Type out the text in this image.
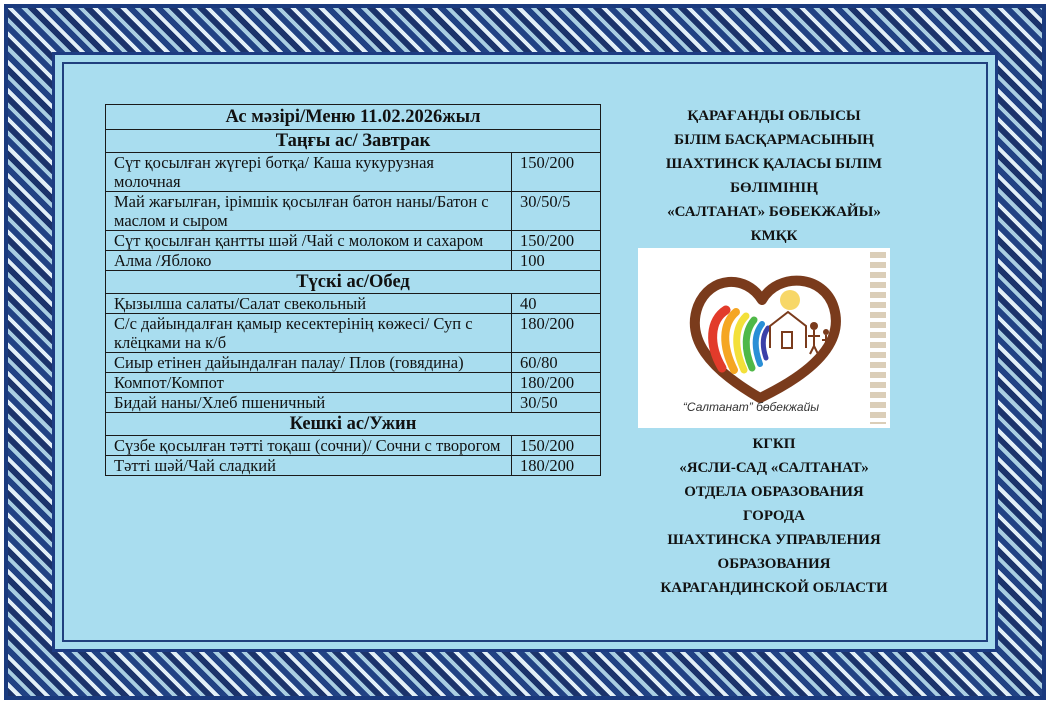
Ас мәзірі/Меню 11.02.2026жыл	
Таңғы ас/ Завтрак	
Сүт қосылған жүгері ботқа/ Каша кукурузная молочная	150/200
Май жағылған, ірімшік қосылған батон наны/Батон с маслом и сыром	30/50/5
Сүт қосылған қантты шәй /Чай с молоком и сахаром	150/200
Алма /Яблоко	100
Түскі ас/Обед	
Қызылша салаты/Салат свекольный	40
С/с дайындалған қамыр кесектерінің көжесі/ Суп с клёцками на к/б	180/200
Сиыр етінен дайындалған палау/ Плов (говядина)	60/80
Компот/Компот	180/200
Бидай наны/Хлеб пшеничный	30/50
Кешкі ас/Ужин	
Сүзбе қосылған тәтті тоқаш (сочни)/ Сочни с творогом	150/200
Тәтті шәй/Чай сладкий	180/200
ҚАРАҒАНДЫ ОБЛЫСЫ
БІЛІМ БАСҚАРМАСЫНЫҢ
ШАХТИНСК ҚАЛАСЫ БІЛІМ
БӨЛІМІНІҢ
«САЛТАНАТ» БӨБЕКЖАЙЫ»
КМҚК
“Салтанат” бөбекжайы
КГКП
«ЯСЛИ-САД «САЛТАНАТ»
ОТДЕЛА ОБРАЗОВАНИЯ
ГОРОДА
ШАХТИНСКА УПРАВЛЕНИЯ
ОБРАЗОВАНИЯ
КАРАГАНДИНСКОЙ ОБЛАСТИ
